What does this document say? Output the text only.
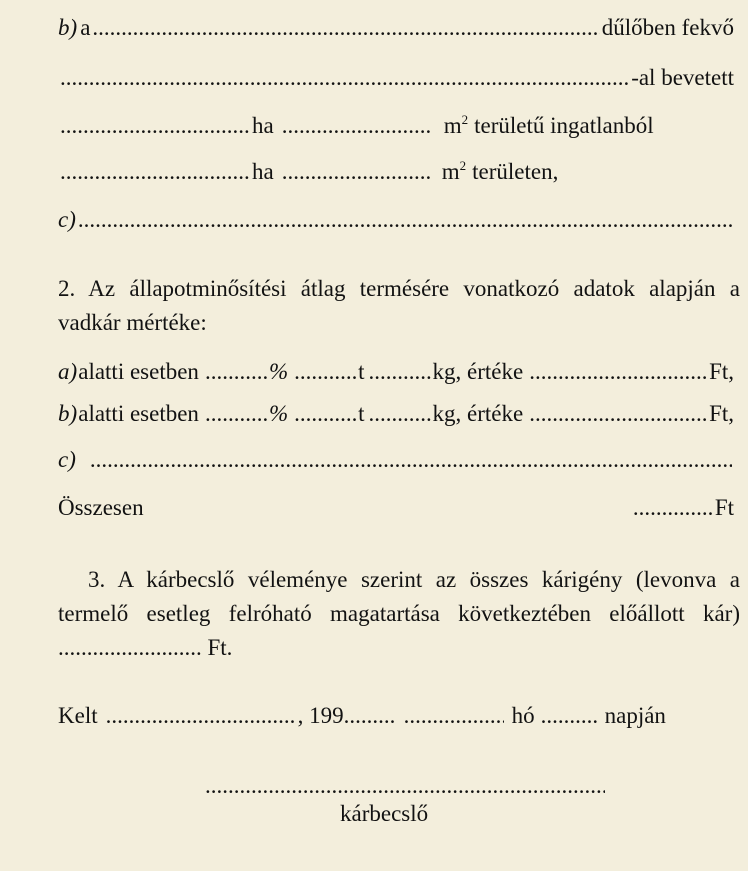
b) a .....	dűlőben fekvő
.....
-al bevetett
.....
ha .....	$m^2$ területű ingatlanból
.....
ha .....	$m^2$ területen,
c)
.....
2. Az állapotminősítési átlag termésére vonatkozó adatok alapján a vadkár mértéke:
a) alatti esetben .....	% .....	t .....	kg, értéke .....	Ft,
b) alatti esetben .....	% .....	t .....	kg, értéke .....	Ft,
c)
.....
Összesen .....	Ft
3. A kárbecslő véleménye szerint az összes kárigény (levonva a termelő esetleg felróható magatartása következtében előállott kár) ......................... Ft.
Kelt .....	, 199 ..... .....	hó .....	napján
.....
kárbecslő
